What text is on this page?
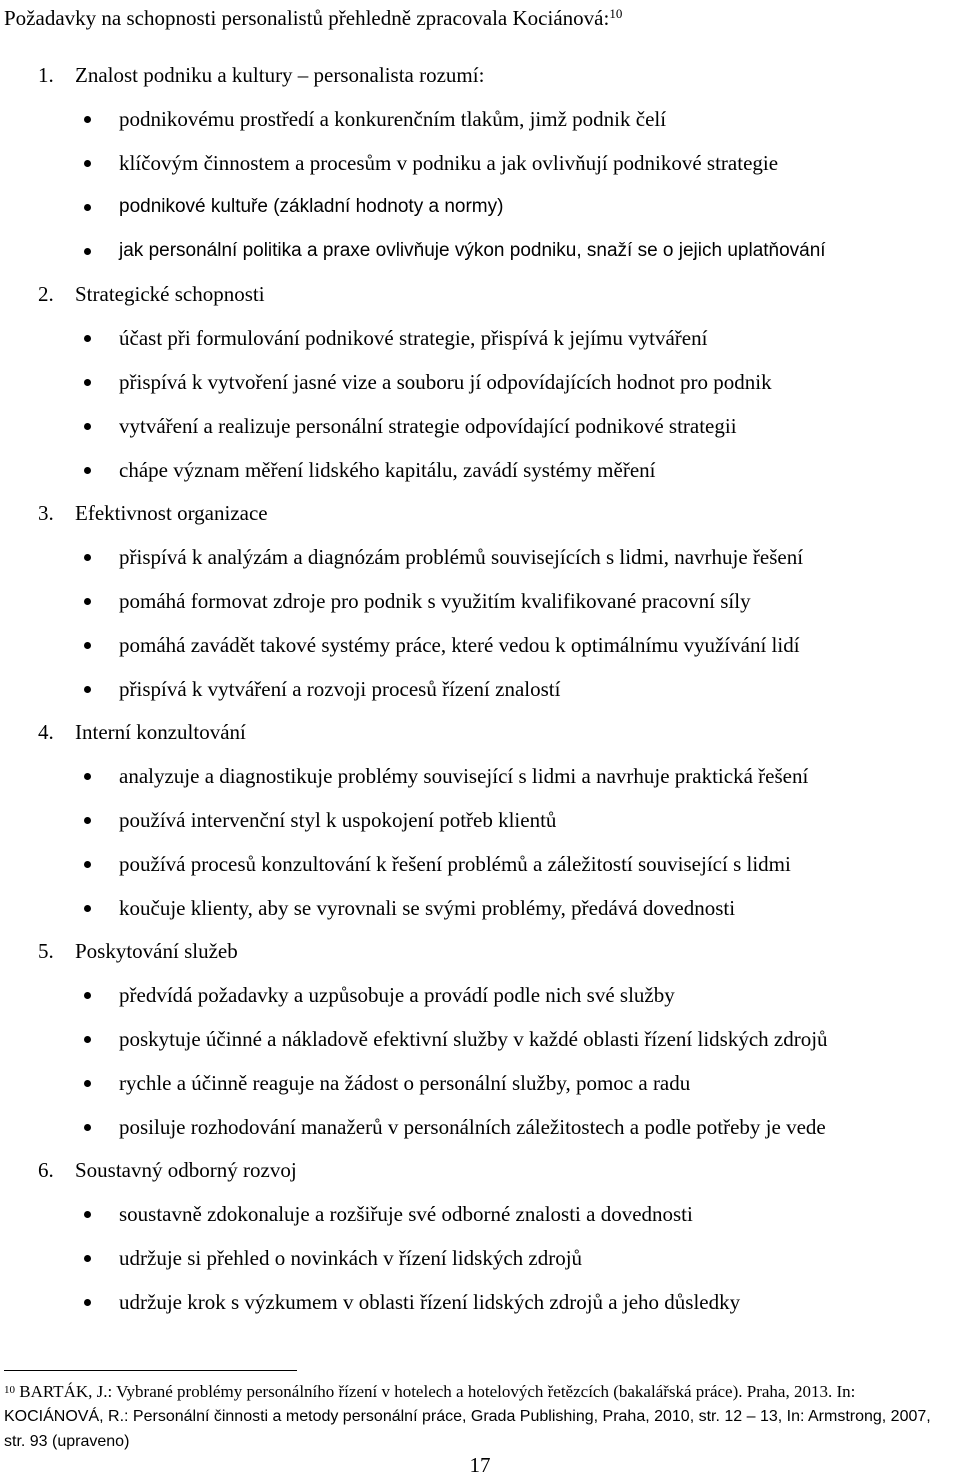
Požadavky na schopnosti personalistů přehledně zpracovala Kociánová:$^{10}$
1. Znalost podniku a kultury – personalista rozumí:
podnikovému prostředí a konkurenčním tlakům, jimž podnik čelí
klíčovým činnostem a procesům v podniku a jak ovlivňují podnikové strategie
podnikové kultuře (základní hodnoty a normy)
jak personální politika a praxe ovlivňuje výkon podniku, snaží se o jejich uplatňování
2. Strategické schopnosti
účast při formulování podnikové strategie, přispívá k jejímu vytváření
přispívá k vytvoření jasné vize a souboru jí odpovídajících hodnot pro podnik
vytváření a realizuje personální strategie odpovídající podnikové strategii
chápe význam měření lidského kapitálu, zavádí systémy měření
3. Efektivnost organizace
přispívá k analýzám a diagnózám problémů souvisejících s lidmi, navrhuje řešení
pomáhá formovat zdroje pro podnik s využitím kvalifikované pracovní síly
pomáhá zavádět takové systémy práce, které vedou k optimálnímu využívání lidí
přispívá k vytváření a rozvoji procesů řízení znalostí
4. Interní konzultování
analyzuje a diagnostikuje problémy související s lidmi a navrhuje praktická řešení
používá intervenční styl k uspokojení potřeb klientů
používá procesů konzultování k řešení problémů a záležitostí související s lidmi
koučuje klienty, aby se vyrovnali se svými problémy, předává dovednosti
5. Poskytování služeb
předvídá požadavky a uzpůsobuje a provádí podle nich své služby
poskytuje účinné a nákladově efektivní služby v každé oblasti řízení lidských zdrojů
rychle a účinně reaguje na žádost o personální služby, pomoc a radu
posiluje rozhodování manažerů v personálních záležitostech a podle potřeby je vede
6. Soustavný odborný rozvoj
soustavně zdokonaluje a rozšiřuje své odborné znalosti a dovednosti
udržuje si přehled o novinkách v řízení lidských zdrojů
udržuje krok s výzkumem v oblasti řízení lidských zdrojů a jeho důsledky
$^{10}$ BARTÁK, J.: Vybrané problémy personálního řízení v hotelech a hotelových řetězcích (bakalářská práce). Praha, 2013. In: KOCIÁNOVÁ, R.: Personální činnosti a metody personální práce, Grada Publishing, Praha, 2010, str. 12 – 13, In: Armstrong, 2007, str. 93 (upraveno)
17
